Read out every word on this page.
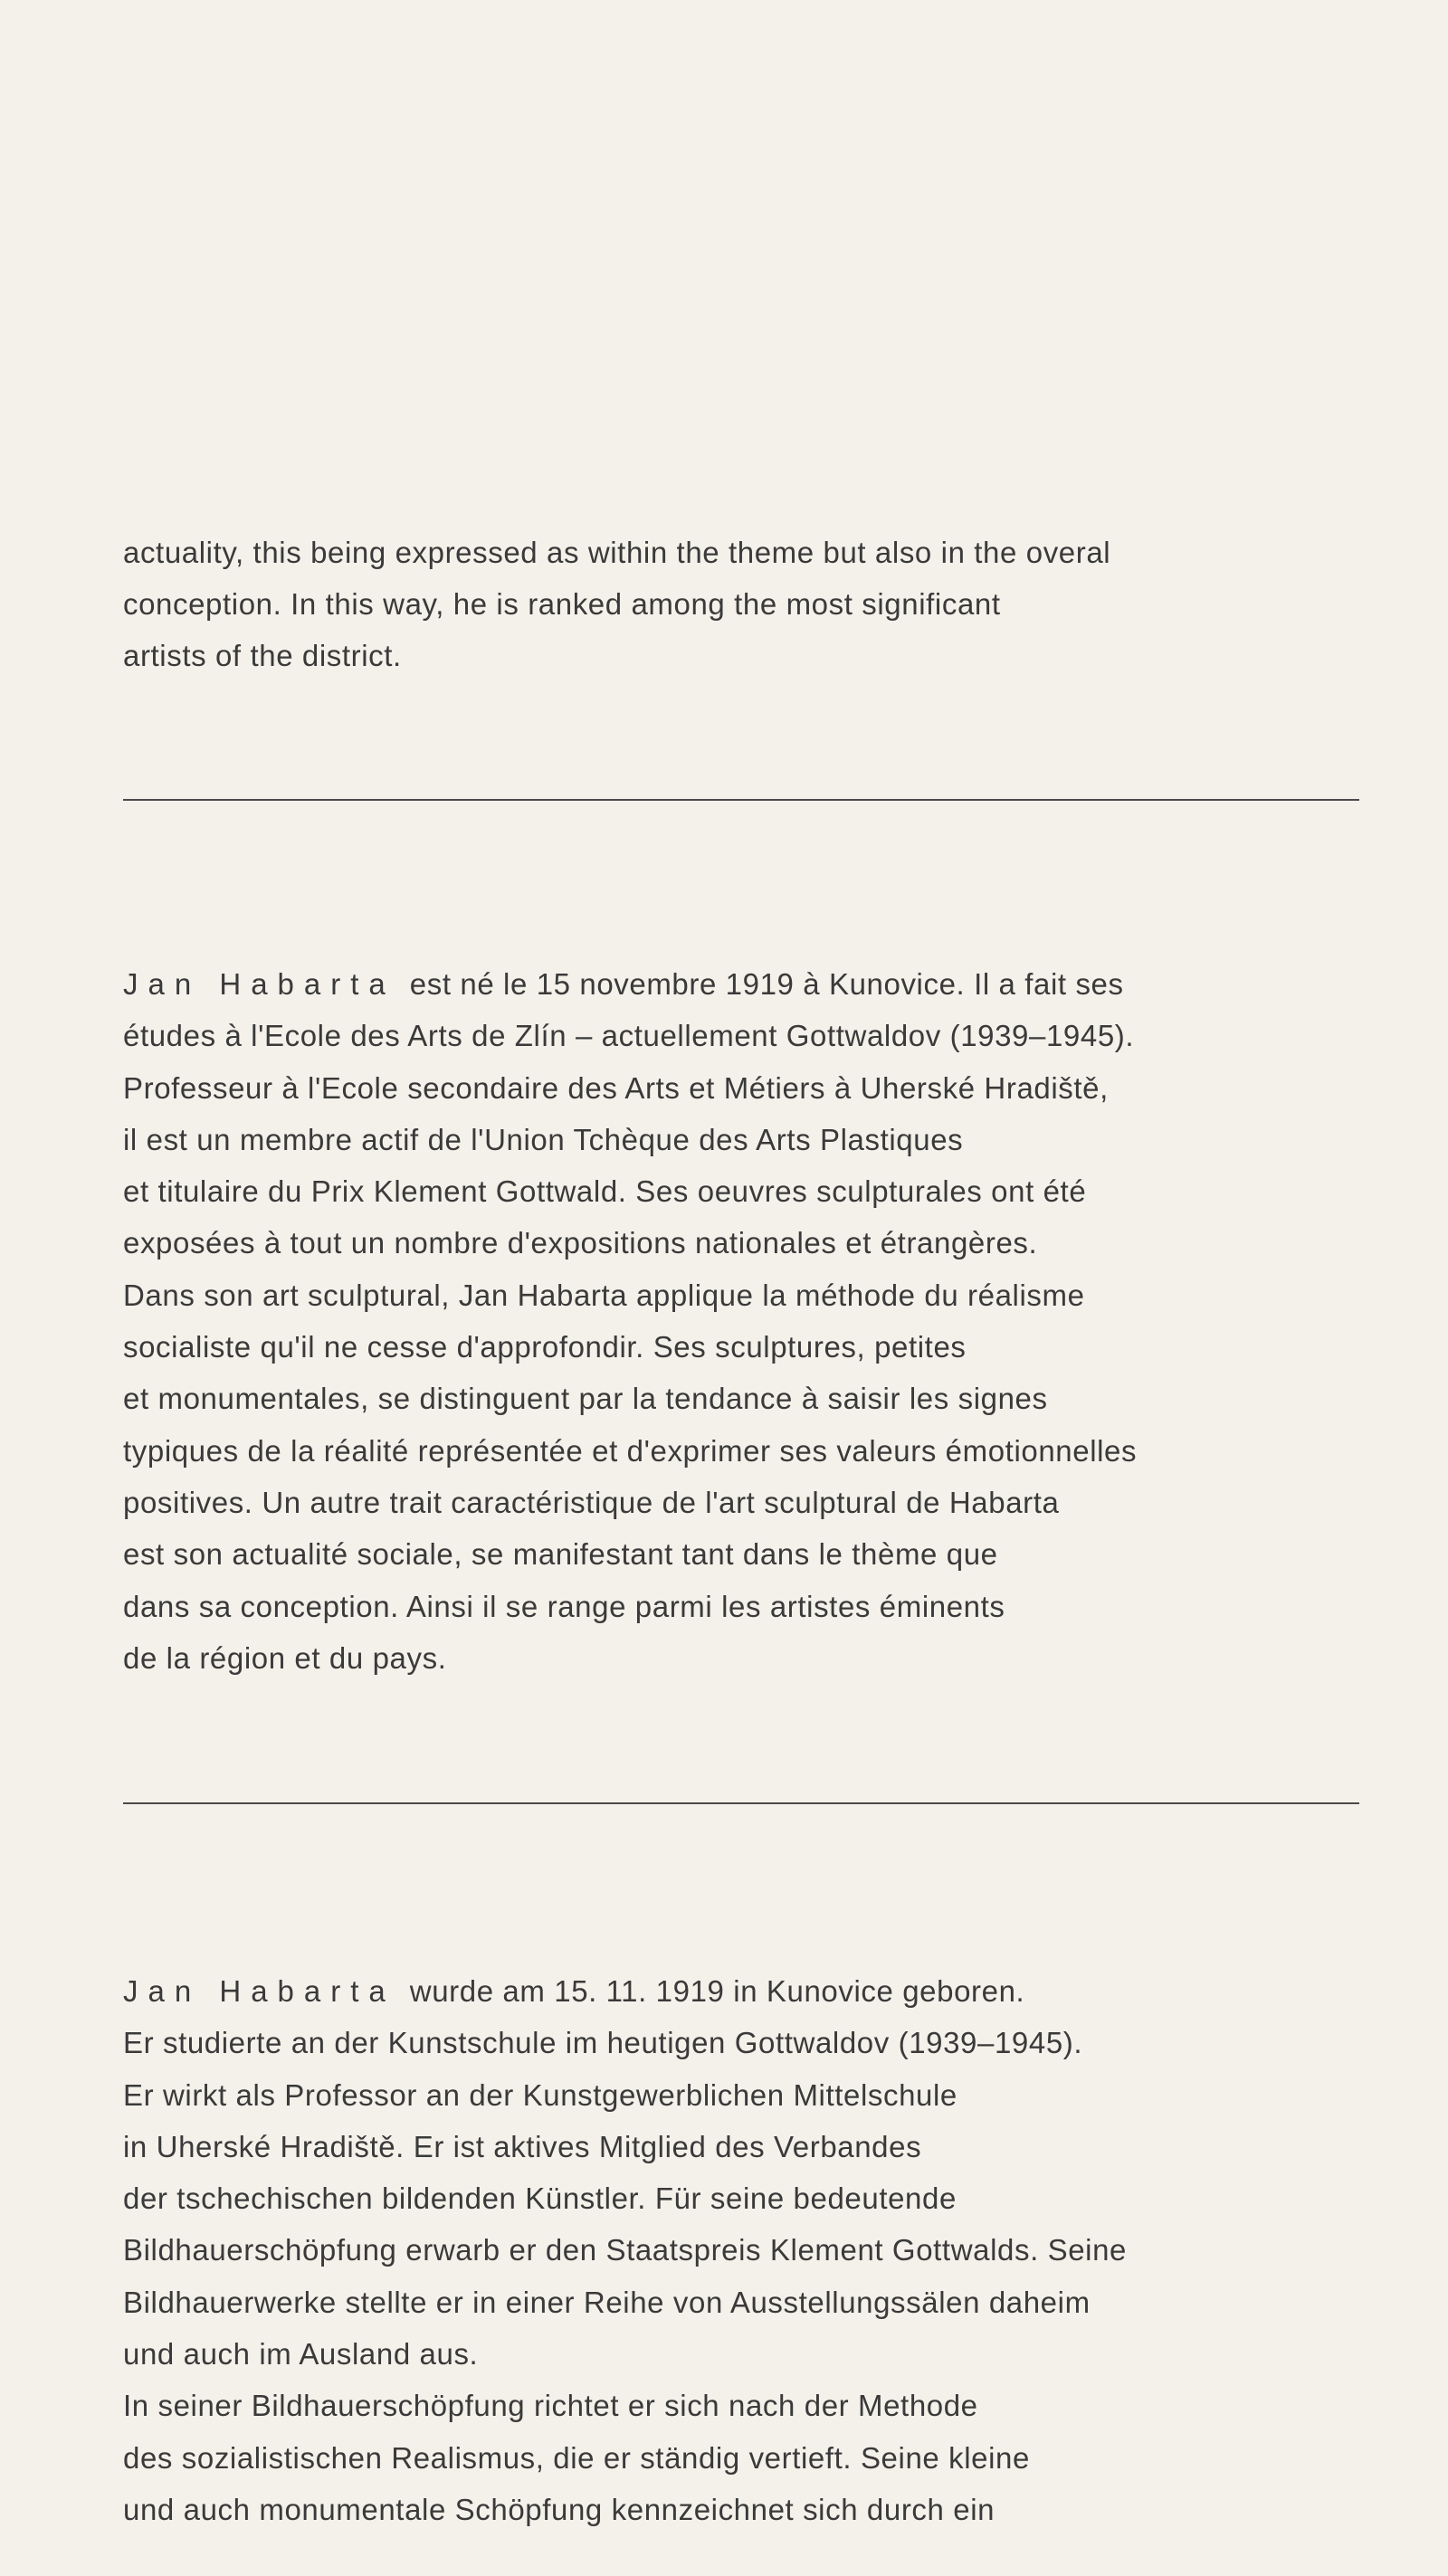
actuality, this being expressed as within the theme but also in the overal
conception. In this way, he is ranked among the most significant
artists of the district.
Jan Habarta est né le 15 novembre 1919 à Kunovice. Il a fait ses
études à l'Ecole des Arts de Zlín – actuellement Gottwaldov (1939–1945).
Professeur à l'Ecole secondaire des Arts et Métiers à Uherské Hradiště,
il est un membre actif de l'Union Tchèque des Arts Plastiques
et titulaire du Prix Klement Gottwald. Ses oeuvres sculpturales ont été
exposées à tout un nombre d'expositions nationales et étrangères.
Dans son art sculptural, Jan Habarta applique la méthode du réalisme
socialiste qu'il ne cesse d'approfondir. Ses sculptures, petites
et monumentales, se distinguent par la tendance à saisir les signes
typiques de la réalité représentée et d'exprimer ses valeurs émotionnelles
positives. Un autre trait caractéristique de l'art sculptural de Habarta
est son actualité sociale, se manifestant tant dans le thème que
dans sa conception. Ainsi il se range parmi les artistes éminents
de la région et du pays.
Jan Habarta wurde am 15. 11. 1919 in Kunovice geboren.
Er studierte an der Kunstschule im heutigen Gottwaldov (1939–1945).
Er wirkt als Professor an der Kunstgewerblichen Mittelschule
in Uherské Hradiště. Er ist aktives Mitglied des Verbandes
der tschechischen bildenden Künstler. Für seine bedeutende
Bildhauerschöpfung erwarb er den Staatspreis Klement Gottwalds. Seine
Bildhauerwerke stellte er in einer Reihe von Ausstellungssälen daheim
und auch im Ausland aus.
In seiner Bildhauerschöpfung richtet er sich nach der Methode
des sozialistischen Realismus, die er ständig vertieft. Seine kleine
und auch monumentale Schöpfung kennzeichnet sich durch ein
